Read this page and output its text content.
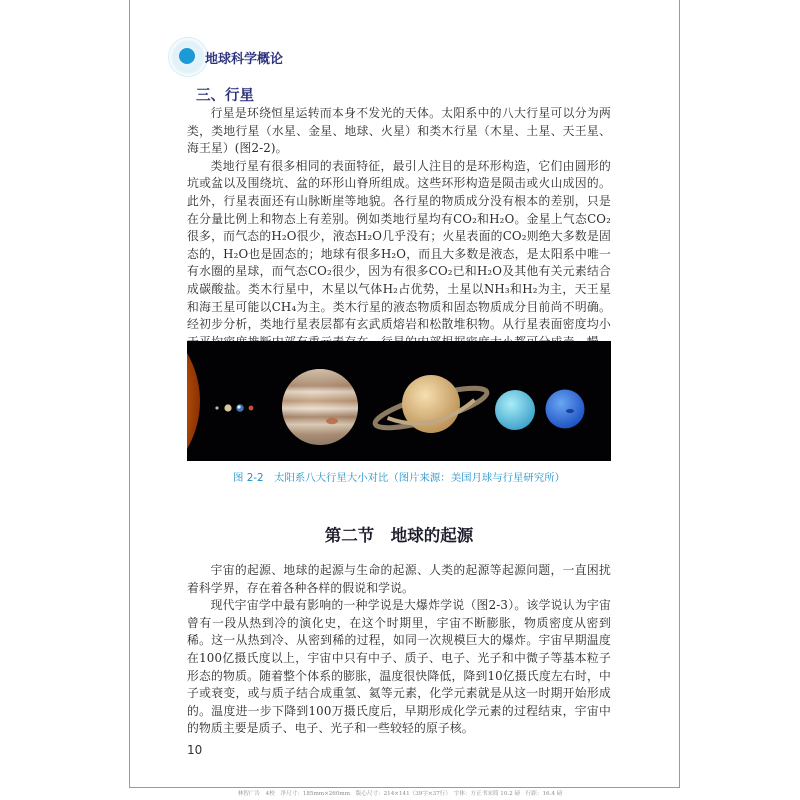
地球科学概论
三、行星

行星是环绕恒星运转而本身不发光的天体。太阳系中的八大行星可以分为两类，类地行星（水星、金星、地球、火星）和类木行星（木星、土星、天王星、海王星）(图2-2)。

类地行星有很多相同的表面特征，最引人注目的是环形构造，它们由圆形的坑或盆以及围绕坑、盆的环形山脊所组成。这些环形构造是陨击或火山成因的。此外，行星表面还有山脉断崖等地貌。各行星的物质成分没有根本的差别，只是在分量比例上和物态上有差别。例如类地行星均有CO₂和H₂O。金星上气态CO₂很多，而气态的H₂O很少，液态H₂O几乎没有；火星表面的CO₂则绝大多数是固态的，H₂O也是固态的；地球有很多H₂O，而且大多数是液态，是太阳系中唯一有水圈的星球，而气态CO₂很少，因为有很多CO₂已和H₂O及其他有关元素结合成碳酸盐。类木行星中，木星以气体H₂占优势，土星以NH₃和H₂为主，天王星和海王星可能以CH₄为主。类木行星的液态物质和固态物质成分目前尚不明确。经初步分析，类地行星表层都有玄武质熔岩和松散堆积物。从行星表面密度均小

图 2-2　太阳系八大行星大小对比（图片来源：美国月球与行星研究所）
第二节　地球的起源

宇宙的起源、地球的起源与生命的起源、人类的起源等起源问题，一直困扰着科学界，存在着各种各样的假说和学说。

现代宇宙学中最有影响的一种学说是大爆炸学说（图2-3）。该学说认为宇宙曾有一段从热到冷的演化史，在这个时期里，宇宙不断膨胀，物质密度从密到稀。这一从热到冷、从密到稀的过程，如同一次规模巨大的爆炸。宇宙早期温度在100亿摄氏度以上，宇宙中只有中子、质子、电子、光子和中微子等基本粒子形态的物质。随着整个体系的膨胀，温度很快降低，降到10亿摄氏度左右时，中子或衰变，或与质子结合成重氢、氦等元素，化学元素就是从这一时期开始形成的。温度进一步下降到100万摄氏度后，早期形成化学元素的过程结束，宇宙中的物质主要是质子、电子、光子和一些较轻的原子核。

10
林智广告　4校　净尺寸：185mm×260mm　版心尺寸：214×141（39字×37行）　字体：方正书宋简 10.2 磅　行距：16.4 磅
